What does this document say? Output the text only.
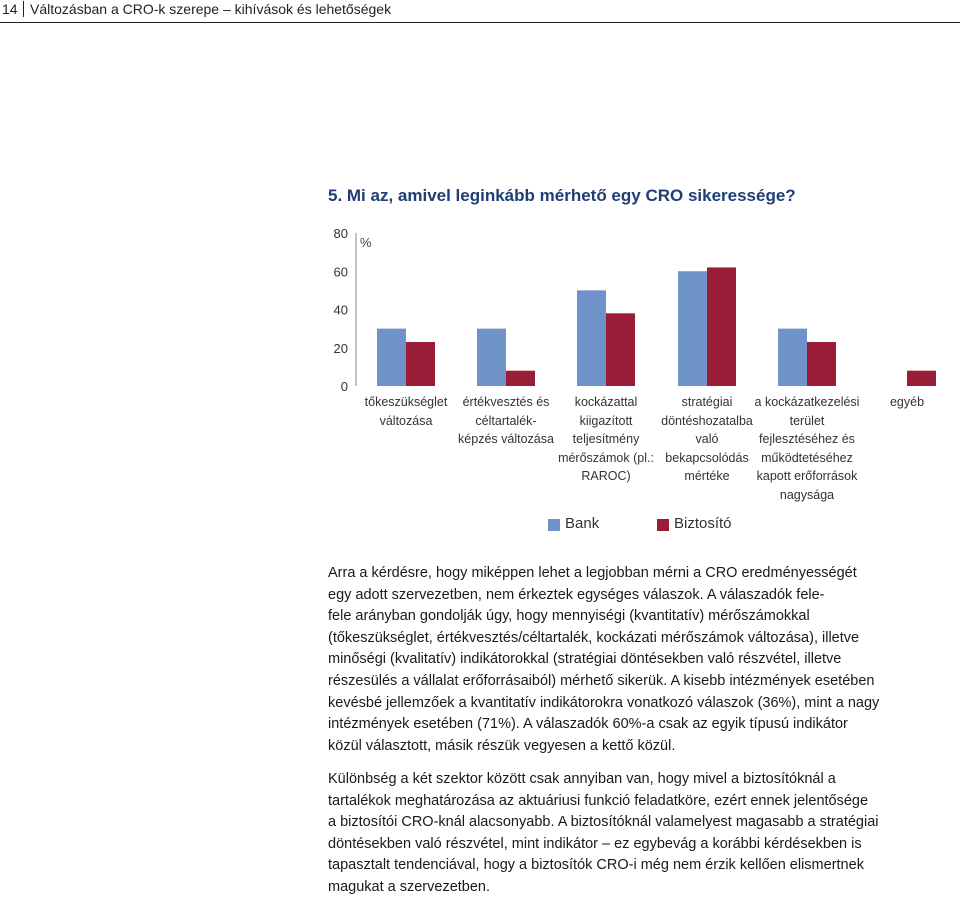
14 Változásban a CRO-k szerepe – kihívások és lehetőségek
5. Mi az, amivel leginkább mérhető egy CRO sikeressége?
0
20
40
60
80
%
tőkeszükséglet
változása
értékvesztés és
céltartalék-
képzés változása
kockázattal
kiigazított
teljesítmény
mérőszámok (pl.:
RAROC)
stratégiai
döntéshozatalba
való
bekapcsolódás
mértéke
a kockázatkezelési
terület
fejlesztéséhez és
működtetéséhez
kapott erőforrások
nagysága
egyéb
Bank	Biztosító

Arra a kérdésre, hogy miképpen lehet a legjobban mérni a CRO eredményességét
egy adott szervezetben, nem érkeztek egységes válaszok. A válaszadók fele-
fele arányban gondolják úgy, hogy mennyiségi (kvantitatív) mérőszámokkal
(tőkeszükséglet, értékvesztés/céltartalék, kockázati mérőszámok változása), illetve
minőségi (kvalitatív) indikátorokkal (stratégiai döntésekben való részvétel, illetve
részesülés a vállalat erőforrásaiból) mérhető sikerük. A kisebb intézmények esetében
kevésbé jellemzőek a kvantitatív indikátorokra vonatkozó válaszok (36%), mint a nagy
intézmények esetében (71%). A válaszadók 60%-a csak az egyik típusú indikátor
közül választott, másik részük vegyesen a kettő közül.

Különbség a két szektor között csak annyiban van, hogy mivel a biztosítóknál a
tartalékok meghatározása az aktuáriusi funkció feladatköre, ezért ennek jelentősége
a biztosítói CRO-knál alacsonyabb. A biztosítóknál valamelyest magasabb a stratégiai
döntésekben való részvétel, mint indikátor – ez egybevág a korábbi kérdésekben is
tapasztalt tendenciával, hogy a biztosítók CRO-i még nem érzik kellően elismertnek
magukat a szervezetben.
